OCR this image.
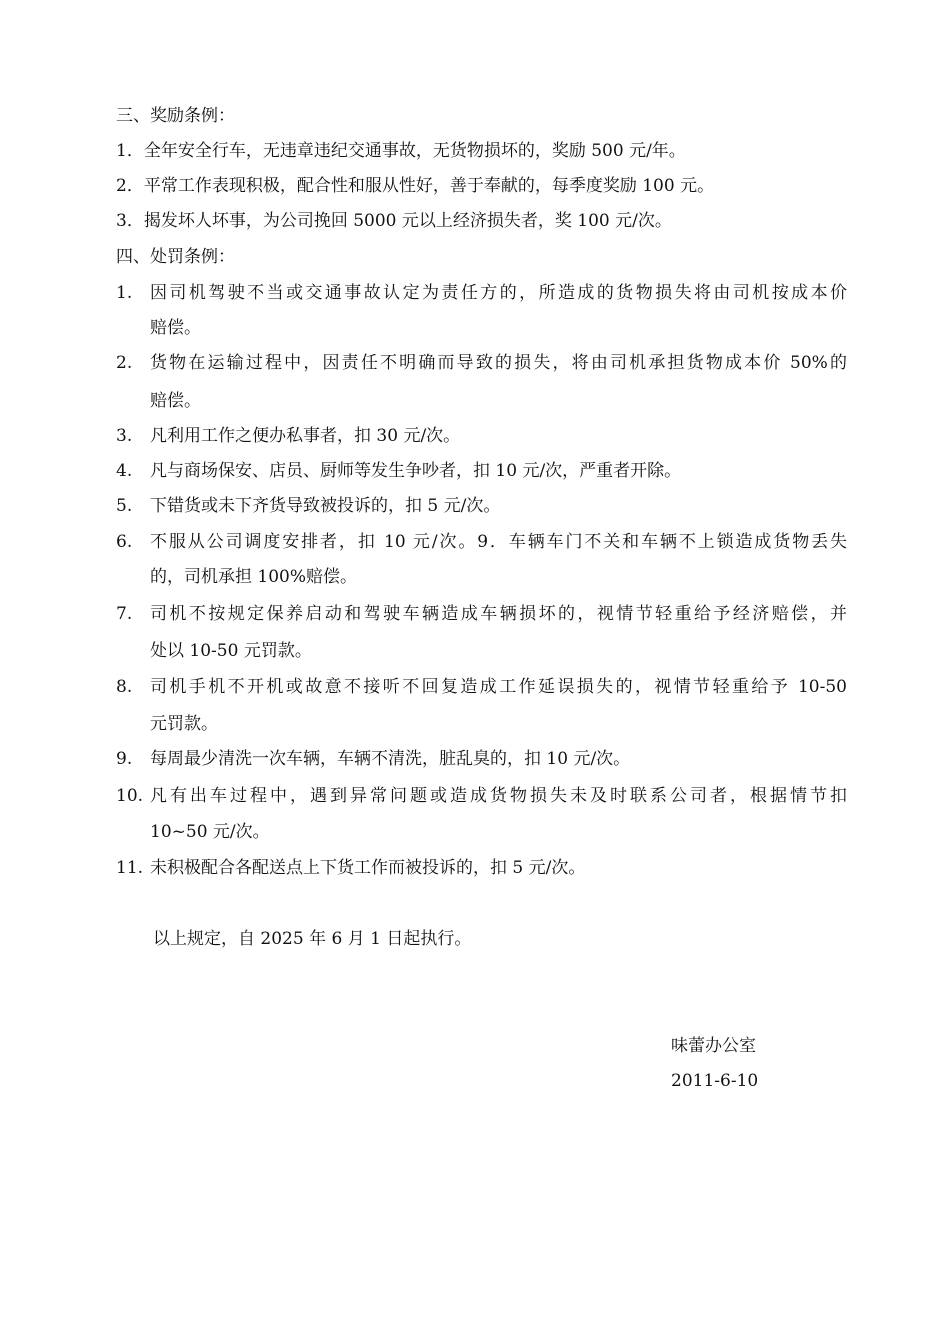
三、奖励条例：
1．全年安全行车，无违章违纪交通事故，无货物损坏的，奖励 500 元/年。
2．平常工作表现积极，配合性和服从性好，善于奉献的，每季度奖励 100 元。
3．揭发坏人坏事，为公司挽回 5000 元以上经济损失者，奖 100 元/次。
四、处罚条例：
1. 因司机驾驶不当或交通事故认定为责任方的，所造成的货物损失将由司机按成本价
赔偿。
2. 货物在运输过程中，因责任不明确而导致的损失，将由司机承担货物成本价 50%的
赔偿。
3. 凡利用工作之便办私事者，扣 30 元/次。
4. 凡与商场保安、店员、厨师等发生争吵者，扣 10 元/次，严重者开除。
5. 下错货或未下齐货导致被投诉的，扣 5 元/次。
6. 不服从公司调度安排者，扣 10 元/次。9．车辆车门不关和车辆不上锁造成货物丢失
的，司机承担 100%赔偿。
7. 司机不按规定保养启动和驾驶车辆造成车辆损坏的，视情节轻重给予经济赔偿，并
处以 10-50 元罚款。
8. 司机手机不开机或故意不接听不回复造成工作延误损失的，视情节轻重给予 10-50
元罚款。
9. 每周最少清洗一次车辆，车辆不清洗，脏乱臭的，扣 10 元/次。
10. 凡有出车过程中，遇到异常问题或造成货物损失未及时联系公司者，根据情节扣
10~50 元/次。
11. 未积极配合各配送点上下货工作而被投诉的，扣 5 元/次。
以上规定，自 2025 年 6 月 1 日起执行。
味蕾办公室
2011-6-10
